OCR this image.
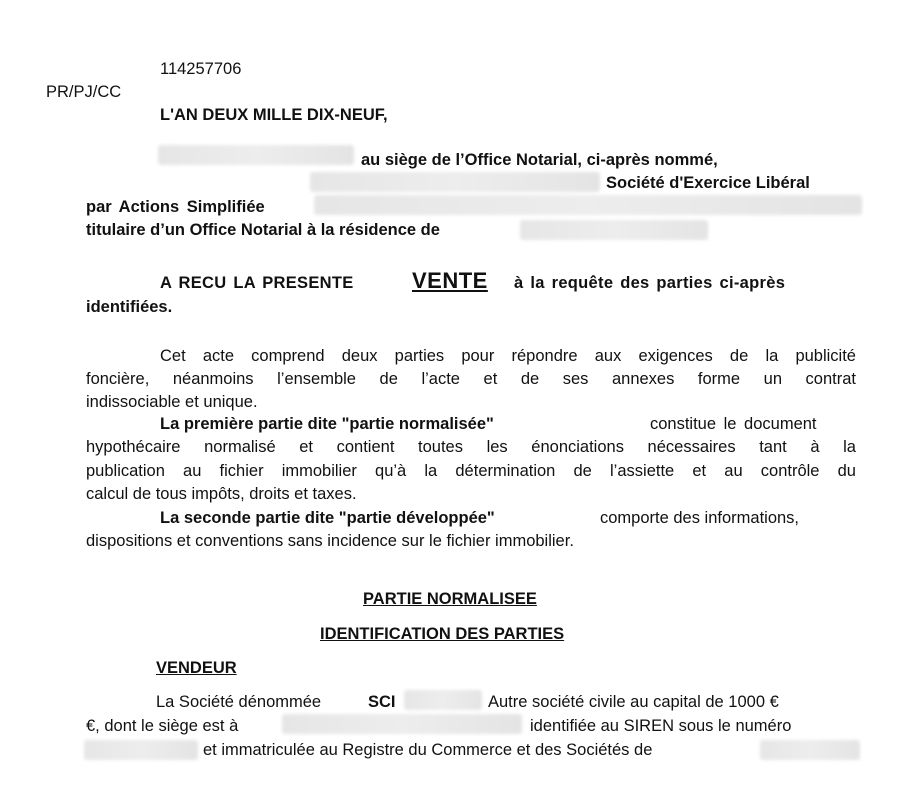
114257706
PR/PJ/CC
L'AN DEUX MILLE DIX-NEUF,
au siège de l’Office Notarial, ci-après nommé,
Société d'Exercice Libéral
par Actions Simplifiée
titulaire d’un Office Notarial à la résidence de
A RECU LA PRESENTE	VENTE à la requête des parties ci-après
identifiées.
Cet acte comprend deux parties pour répondre aux exigences de la publicité
foncière, néanmoins l’ensemble de l’acte et de ses annexes forme un contrat
indissociable et unique.
La première partie dite "partie normalisée"	constitue le document
hypothécaire normalisé et contient toutes les énonciations nécessaires tant à la
publication au fichier immobilier qu’à la détermination de l’assiette et au contrôle du
calcul de tous impôts, droits et taxes.
La seconde partie dite "partie développée"	comporte des informations,
dispositions et conventions sans incidence sur le fichier immobilier.
PARTIE NORMALISEE
IDENTIFICATION DES PARTIES
VENDEUR
La Société dénommée	SCI	Autre société civile au capital de 1000 €
€, dont le siège est à	identifiée au SIREN sous le numéro
et immatriculée au Registre du Commerce et des Sociétés de
